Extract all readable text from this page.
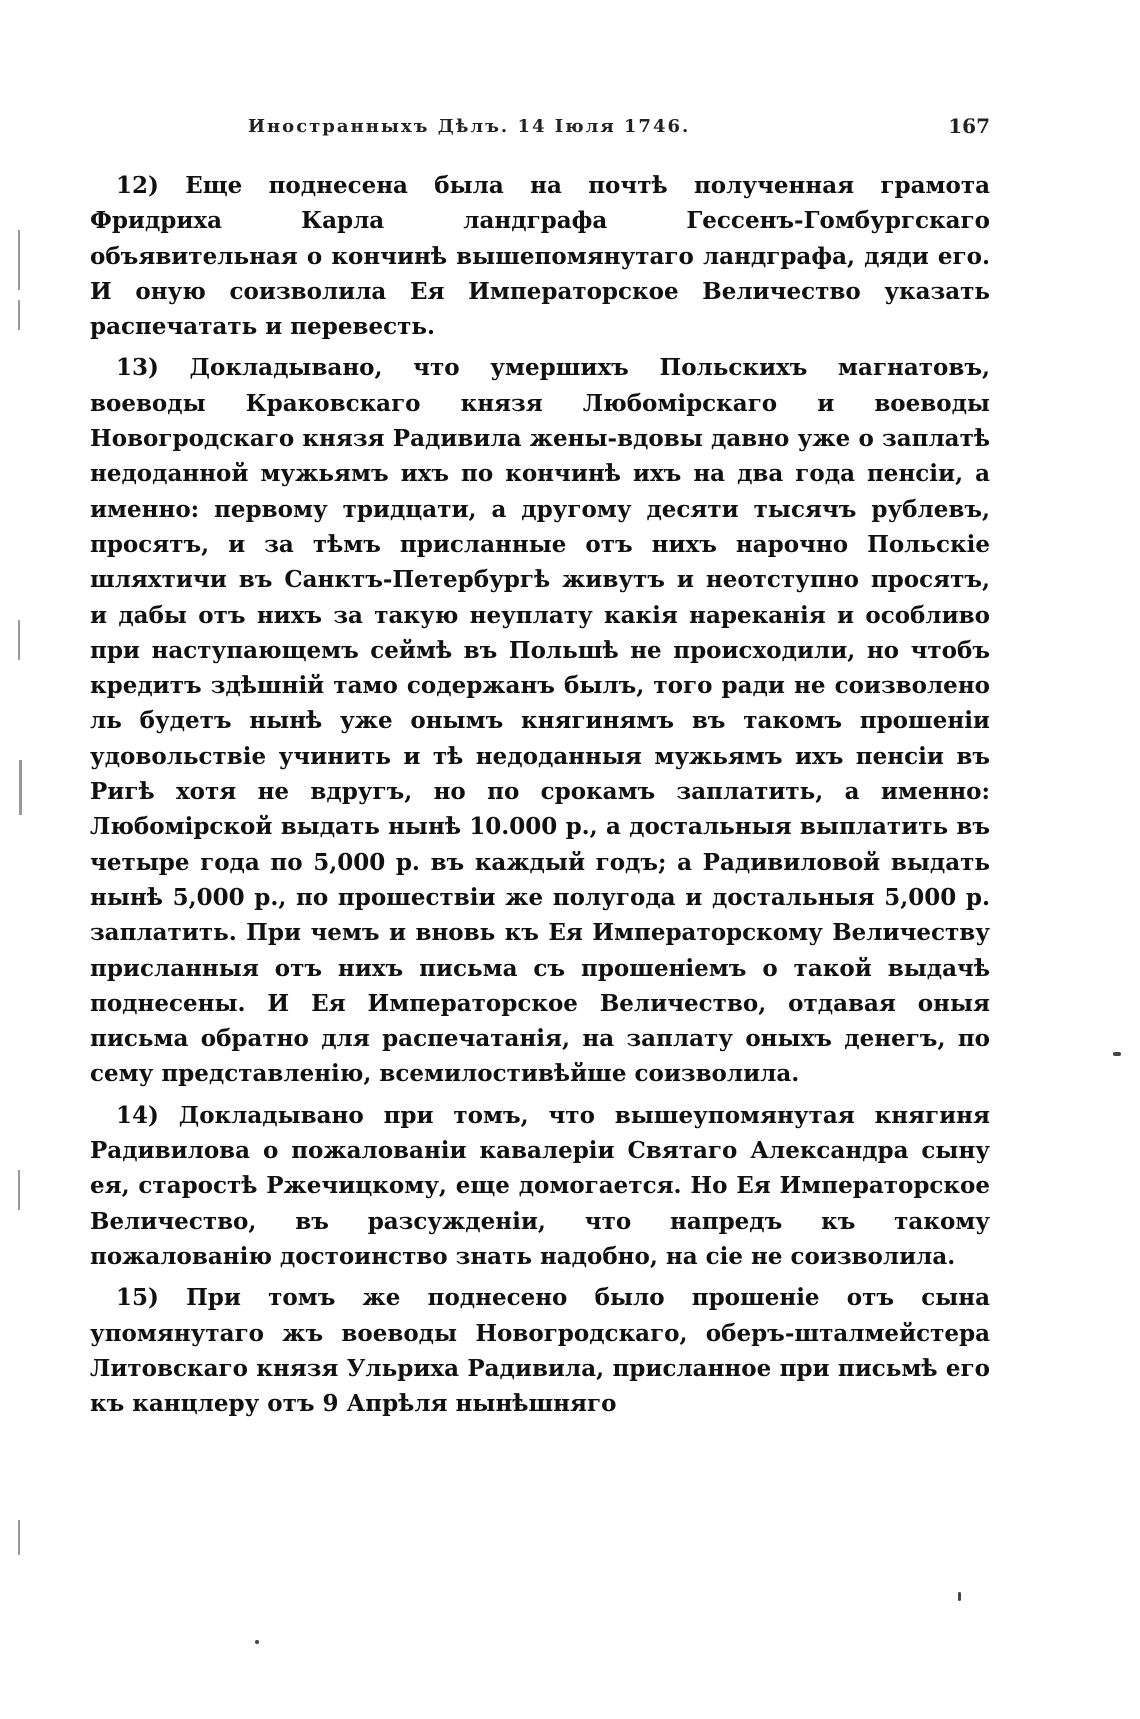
Иностранныхъ Дѣлъ. 14 Іюля 1746.	167

12) Еще поднесена была на почтѣ полученная грамота Фридриха Карла ландграфа Гессенъ-Гомбургскаго объявительная о кончинѣ вышепомянутаго ландграфа, дяди его. И оную соизволила Ея Императорское Величество указать распечатать и перевесть.

13) Докладывано, что умершихъ Польскихъ магнатовъ, воеводы Краковскаго князя Любомірскаго и воеводы Новогродскаго князя Радивила жены-вдовы давно уже о заплатѣ недоданной мужьямъ ихъ по кончинѣ ихъ на два года пенсіи, а именно: первому тридцати, а другому десяти тысячъ рублевъ, просятъ, и за тѣмъ присланные отъ нихъ нарочно Польскіе шляхтичи въ Санктъ-Петербургѣ живутъ и неотступно просятъ, и дабы отъ нихъ за такую неуплату какія нареканія и особливо при наступающемъ сеймѣ въ Польшѣ не происходили, но чтобъ кредитъ здѣшній тамо содержанъ былъ, того ради не соизволено ль будетъ нынѣ уже онымъ княгинямъ въ такомъ прошеніи удовольствіе учинить и тѣ недоданныя мужьямъ ихъ пенсіи въ Ригѣ хотя не вдругъ, но по срокамъ заплатить, а именно: Любомірской выдать нынѣ 10.000 р., а достальныя выплатить въ четыре года по 5,000 р. въ каждый годъ; а Радивиловой выдать нынѣ 5,000 р., по прошествіи же полугода и достальныя 5,000 р. заплатить. При чемъ и вновь къ Ея Императорскому Величеству присланныя отъ нихъ письма съ прошеніемъ о такой выдачѣ поднесены. И Ея Императорское Величество, отдавая оныя письма обратно для распечатанія, на заплату оныхъ денегъ, по сему представленію, всемилостивѣйше соизволила.

14) Докладывано при томъ, что вышеупомянутая княгиня Радивилова о пожалованіи кавалеріи Святаго Александра сыну ея, старостѣ Ржечицкому, еще домогается. Но Ея Императорское Величество, въ разсужденіи, что напредъ къ такому пожалованію достоинство знать надобно, на сіе не соизволила.

15) При томъ же поднесено было прошеніе отъ сына упомянутаго жъ воеводы Новогродскаго, оберъ-шталмейстера Литовскаго князя Ульриха Радивила, присланное при письмѣ его къ канцлеру отъ 9 Апрѣля нынѣшняго
